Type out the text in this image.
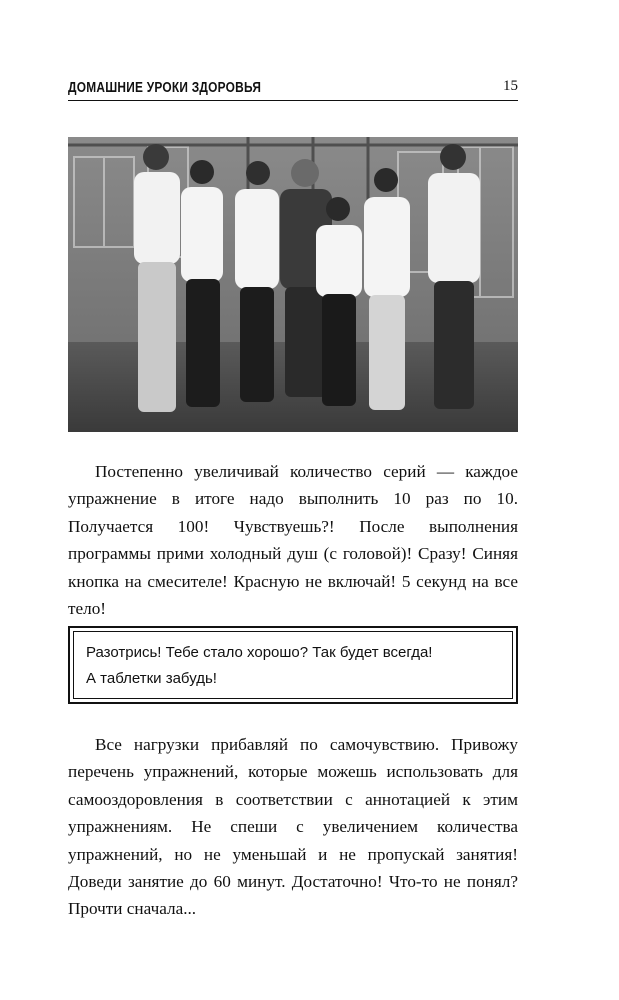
ДОМАШНИЕ УРОКИ ЗДОРОВЬЯ	15

Постепенно увеличивай количество серий — каждое упражнение в итоге надо выполнить 10 раз по 10. Получается 100! Чувствуешь?! После выполнения программы прими холодный душ (с головой)! Сразу! Синяя кнопка на смесителе! Красную не включай! 5 секунд на все тело!

Разотрись! Тебе стало хорошо? Так будет всегда!
А таблетки забудь!

Все нагрузки прибавляй по самочувствию. Привожу перечень упражнений, которые можешь использовать для самооздоровления в соответствии с аннотацией к этим упражнениям. Не спеши с увеличением количества упражнений, но не уменьшай и не пропускай занятия! Доведи занятие до 60 минут. Достаточно! Что-то не понял? Прочти сначала...
